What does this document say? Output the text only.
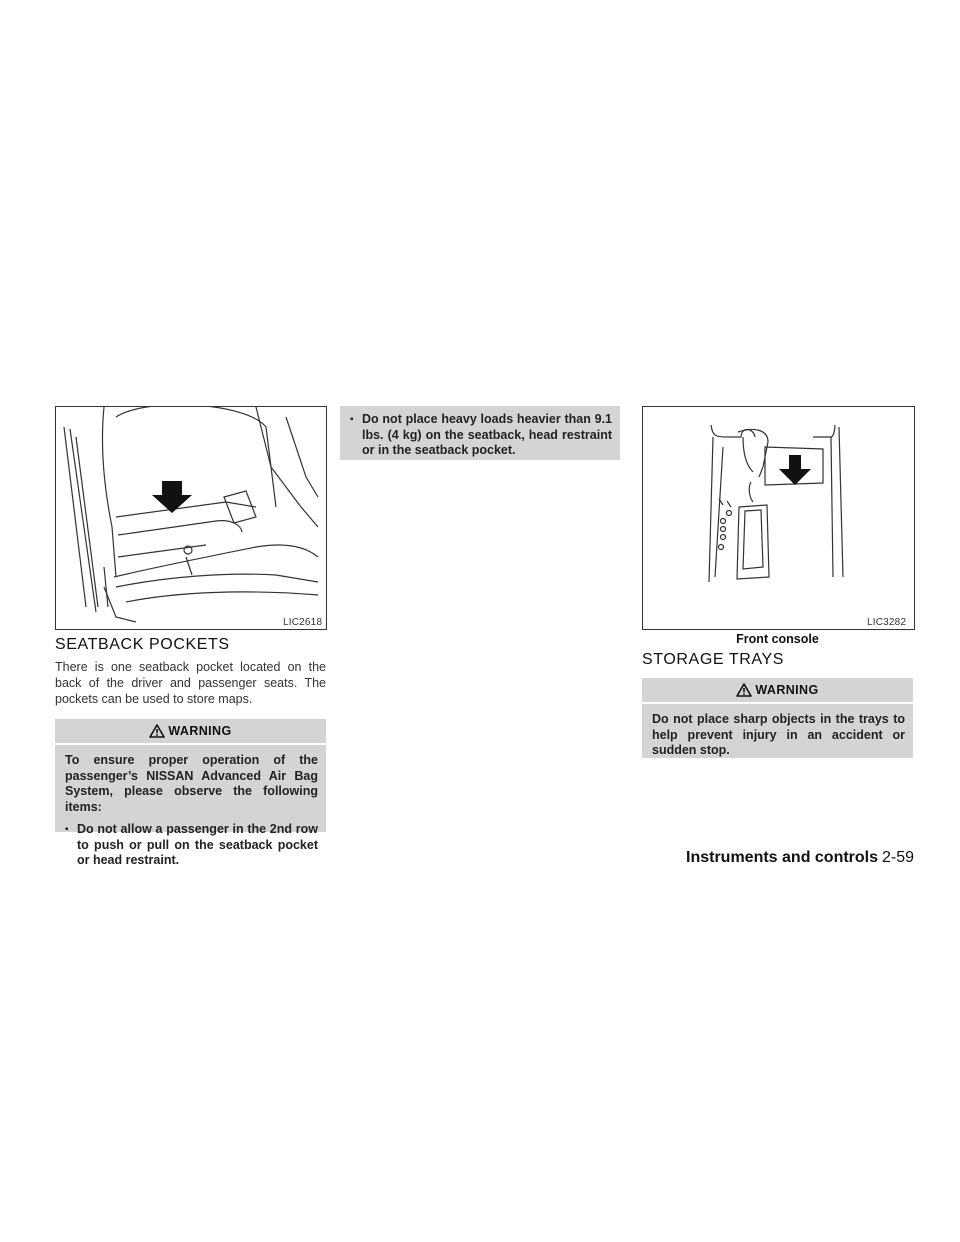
LIC2618
SEATBACK POCKETS
There is one seatback pocket located on the back of the driver and passenger seats. The pockets can be used to store maps.
WARNING
To ensure proper operation of the passenger’s NISSAN Advanced Air Bag System, please observe the following items:
▪ Do not allow a passenger in the 2nd row to push or pull on the seatback pocket or head restraint.
▪ Do not place heavy loads heavier than 9.1 lbs. (4 kg) on the seatback, head restraint or in the seatback pocket.
LIC3282
Front console
STORAGE TRAYS
WARNING
Do not place sharp objects in the trays to help prevent injury in an accident or sudden stop.
Instruments and controls 2-59
